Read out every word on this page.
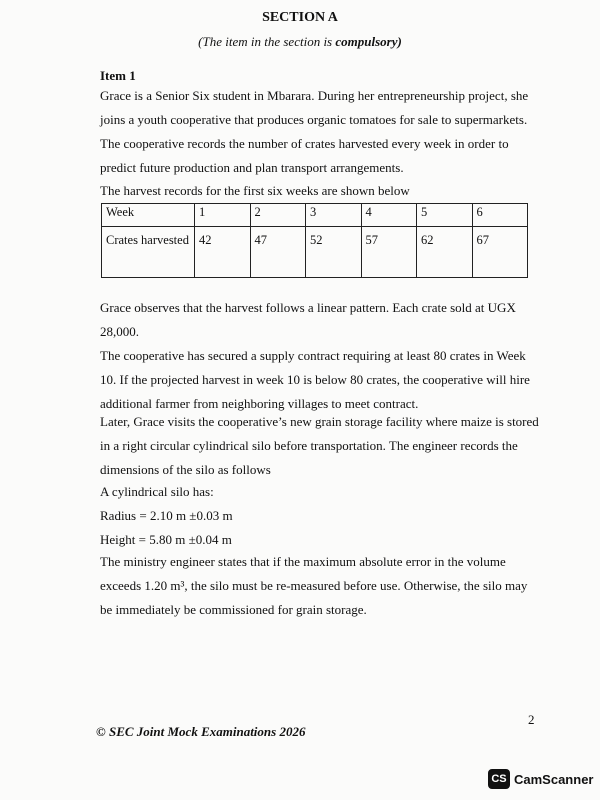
SECTION A
(The item in the section is compulsory)
Item 1
Grace is a Senior Six student in Mbarara. During her entrepreneurship project, she joins a youth cooperative that produces organic tomatoes for sale to supermarkets. The cooperative records the number of crates harvested every week in order to predict future production and plan transport arrangements.
The harvest records for the first six weeks are shown below
Week	1	2	3	4	5	6
Crates harvested	42	47	52	57	62	67
Grace observes that the harvest follows a linear pattern. Each crate sold at UGX 28,000.
The cooperative has secured a supply contract requiring at least 80 crates in Week 10. If the projected harvest in week 10 is below 80 crates, the cooperative will hire additional farmer from neighboring villages to meet contract.
Later, Grace visits the cooperative’s new grain storage facility where maize is stored in a right circular cylindrical silo before transportation. The engineer records the dimensions of the silo as follows
A cylindrical silo has:
Radius = 2.10 m ±0.03 m
Height = 5.80 m ±0.04 m
The ministry engineer states that if the maximum absolute error in the volume exceeds 1.20 m³, the silo must be re-measured before use. Otherwise, the silo may be immediately be commissioned for grain storage.
2
© SEC Joint Mock Examinations 2026
CS CamScanner
